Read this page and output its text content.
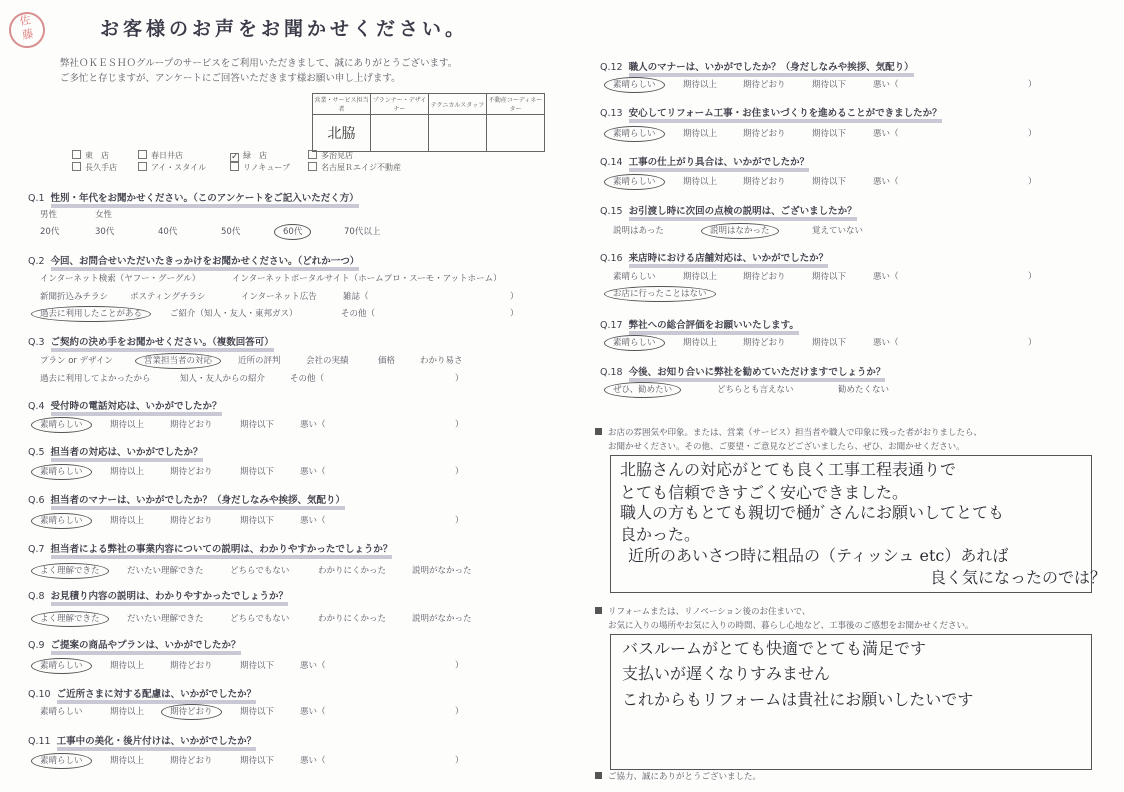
佐
藤	お客様のお声をお聞かせください。
弊社ＯＫＥＳＨＯグループのサービスをご利用いただきまして、誠にありがとうございます。
ご多忙と存じますが、アンケートにご回答いただきます様お願い申し上げます。
営業・サービス担当者	プランナー・デザイナー	テクニカルスタッフ	不動産コーディネーター
北脇			
東　店	春日井店	✓ 緑　店	多治見店
長久手店	アイ・スタイル	リノキューブ	名古屋Ｒエイジ不動産
Q.1 性別・年代をお聞かせください。（このアンケートをご記入いただく方）
男性	女性
20代	30代	40代	50代	60代	70代以上
Q.2 今回、お問合せいただいたきっかけをお聞かせください。（どれか一つ）
インターネット検索（ヤフー・グーグル）	インターネットポータルサイト（ホームプロ・スーモ・アットホーム）
新聞折込みチラシ	ポスティングチラシ	インターネット広告	雑誌（	）
過去に利用したことがある	ご紹介（知人・友人・東邦ガス）	その他（	）
Q.3 ご契約の決め手をお聞かせください。（複数回答可）
プラン or デザイン	営業担当者の対応	近所の評判	会社の実績	価格	わかり易さ
過去に利用してよかったから	知人・友人からの紹介	その他（	）
Q.4 受付時の電話対応は、いかがでしたか？
素晴らしい	期待以上	期待どおり	期待以下	悪い（	）
Q.5 担当者の対応は、いかがでしたか？
素晴らしい	期待以上	期待どおり	期待以下	悪い（	）
Q.6 担当者のマナーは、いかがでしたか？（身だしなみや挨拶、気配り）
素晴らしい	期待以上	期待どおり	期待以下	悪い（	）
Q.7 担当者による弊社の事業内容についての説明は、わかりやすかったでしょうか？
よく理解できた	だいたい理解できた	どちらでもない	わかりにくかった	説明がなかった
Q.8 お見積り内容の説明は、わかりやすかったでしょうか？
よく理解できた	だいたい理解できた	どちらでもない	わかりにくかった	説明がなかった
Q.9 ご提案の商品やプランは、いかがでしたか？
素晴らしい	期待以上	期待どおり	期待以下	悪い（	）
Q.10 ご近所さまに対する配慮は、いかがでしたか？
素晴らしい	期待以上	期待どおり	期待以下	悪い（	）
Q.11 工事中の美化・後片付けは、いかがでしたか？
素晴らしい	期待以上	期待どおり	期待以下	悪い（	）
Q.12 職人のマナーは、いかがでしたか？（身だしなみや挨拶、気配り）
素晴らしい	期待以上	期待どおり	期待以下	悪い（	）
Q.13 安心してリフォーム工事・お住まいづくりを進めることができましたか？
素晴らしい	期待以上	期待どおり	期待以下	悪い（	）
Q.14 工事の仕上がり具合は、いかがでしたか？
素晴らしい	期待以上	期待どおり	期待以下	悪い（	）
Q.15 お引渡し時に次回の点検の説明は、ございましたか？
説明はあった	説明はなかった	覚えていない
Q.16 来店時における店舗対応は、いかがでしたか？
素晴らしい	期待以上	期待どおり	期待以下	悪い（	）
お店に行ったことはない
Q.17 弊社への総合評価をお願いいたします。
素晴らしい	期待以上	期待どおり	期待以下	悪い（	）
Q.18 今後、お知り合いに弊社を勧めていただけますでしょうか？
ぜひ、勧めたい	どちらとも言えない	勧めたくない
お店の雰囲気や印象。または、営業（サービス）担当者や職人で印象に残った者がおりましたら、
お聞かせください。その他、ご要望・ご意見などございましたら、ぜひ、お聞かせください。
北脇さんの対応がとても良く工事工程表通りで
とても信頼できすごく安心できました。
職人の方もとても親切で樋ｶﾞさんにお願いしてとても
良かった。
近所のあいさつ時に粗品の（ティッシュ etc）あれば
良く気になったのでは？
リフォームまたは、リノベーション後のお住まいで、
お気に入りの場所やお気に入りの時間、暮らし心地など、工事後のご感想をお聞かせください。
バスルームがとても快適でとても満足です
支払いが遅くなりすみません
これからもリフォームは貴社にお願いしたいです
ご協力、誠にありがとうございました。
